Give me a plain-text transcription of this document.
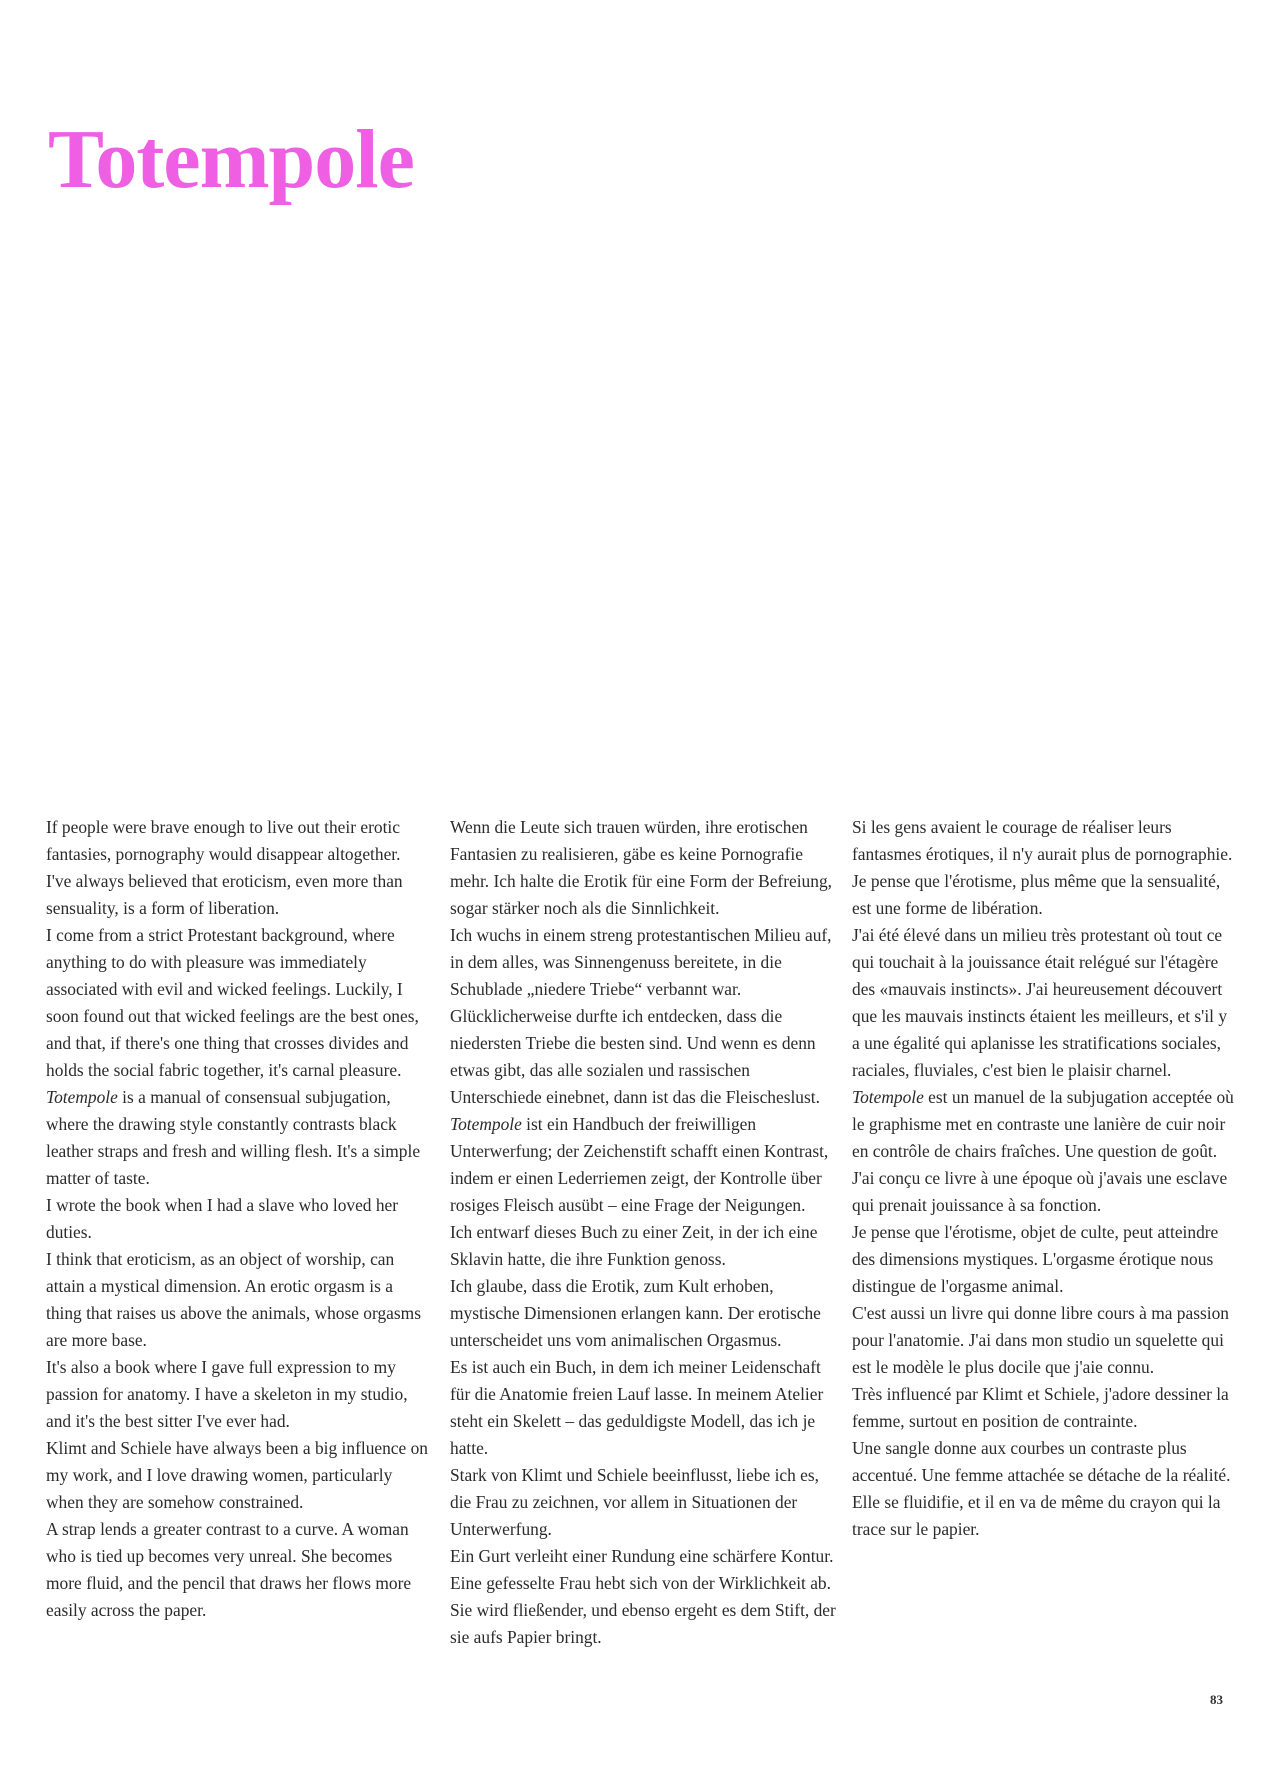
Totempole

If people were brave enough to live out their erotic fantasies, pornography would disappear altogether. I've always believed that eroticism, even more than sensuality, is a form of liberation.

I come from a strict Protestant background, where anything to do with pleasure was immediately associated with evil and wicked feelings. Luckily, I soon found out that wicked feelings are the best ones, and that, if there's one thing that crosses divides and holds the social fabric together, it's carnal pleasure.

Totempole is a manual of consensual subjugation, where the drawing style constantly contrasts black leather straps and fresh and willing flesh. It's a simple matter of taste.

I wrote the book when I had a slave who loved her duties.

I think that eroticism, as an object of worship, can attain a mystical dimension. An erotic orgasm is a thing that raises us above the animals, whose orgasms are more base.

It's also a book where I gave full expression to my passion for anatomy. I have a skeleton in my studio, and it's the best sitter I've ever had.

Klimt and Schiele have always been a big influence on my work, and I love drawing women, particularly when they are somehow constrained.

A strap lends a greater contrast to a curve. A woman who is tied up becomes very unreal. She becomes more fluid, and the pencil that draws her flows more easily across the paper.

Wenn die Leute sich trauen würden, ihre erotischen Fantasien zu realisieren, gäbe es keine Pornografie mehr. Ich halte die Erotik für eine Form der Befreiung, sogar stärker noch als die Sinnlichkeit.

Ich wuchs in einem streng protestantischen Milieu auf, in dem alles, was Sinnengenuss bereitete, in die Schublade „niedere Triebe“ verbannt war. Glücklicherweise durfte ich entdecken, dass die niedersten Triebe die besten sind. Und wenn es denn etwas gibt, das alle sozialen und rassischen Unterschiede einebnet, dann ist das die Fleischeslust.

Totempole ist ein Handbuch der freiwilligen Unterwerfung; der Zeichenstift schafft einen Kontrast, indem er einen Lederriemen zeigt, der Kontrolle über rosiges Fleisch ausübt – eine Frage der Neigungen.

Ich entwarf dieses Buch zu einer Zeit, in der ich eine Sklavin hatte, die ihre Funktion genoss.

Ich glaube, dass die Erotik, zum Kult erhoben, mystische Dimensionen erlangen kann. Der erotische unterscheidet uns vom animalischen Orgasmus.

Es ist auch ein Buch, in dem ich meiner Leidenschaft für die Anatomie freien Lauf lasse. In meinem Atelier steht ein Skelett – das geduldigste Modell, das ich je hatte.

Stark von Klimt und Schiele beeinflusst, liebe ich es, die Frau zu zeichnen, vor allem in Situationen der Unterwerfung.

Ein Gurt verleiht einer Rundung eine schärfere Kontur. Eine gefesselte Frau hebt sich von der Wirklichkeit ab. Sie wird fließender, und ebenso ergeht es dem Stift, der sie aufs Papier bringt.

Si les gens avaient le courage de réaliser leurs fantasmes érotiques, il n'y aurait plus de pornographie. Je pense que l'érotisme, plus même que la sensualité, est une forme de libération.

J'ai été élevé dans un milieu très protestant où tout ce qui touchait à la jouissance était relégué sur l'étagère des «mauvais instincts». J'ai heureusement découvert que les mauvais instincts étaient les meilleurs, et s'il y a une égalité qui aplanisse les stratifications sociales, raciales, fluviales, c'est bien le plaisir charnel.

Totempole est un manuel de la subjugation acceptée où le graphisme met en contraste une lanière de cuir noir en contrôle de chairs fraîches. Une question de goût.

J'ai conçu ce livre à une époque où j'avais une esclave qui prenait jouissance à sa fonction.

Je pense que l'érotisme, objet de culte, peut atteindre des dimensions mystiques. L'orgasme érotique nous distingue de l'orgasme animal.

C'est aussi un livre qui donne libre cours à ma passion pour l'anatomie. J'ai dans mon studio un squelette qui est le modèle le plus docile que j'aie connu.

Très influencé par Klimt et Schiele, j'adore dessiner la femme, surtout en position de contrainte.

Une sangle donne aux courbes un contraste plus accentué. Une femme attachée se détache de la réalité. Elle se fluidifie, et il en va de même du crayon qui la trace sur le papier.

83
